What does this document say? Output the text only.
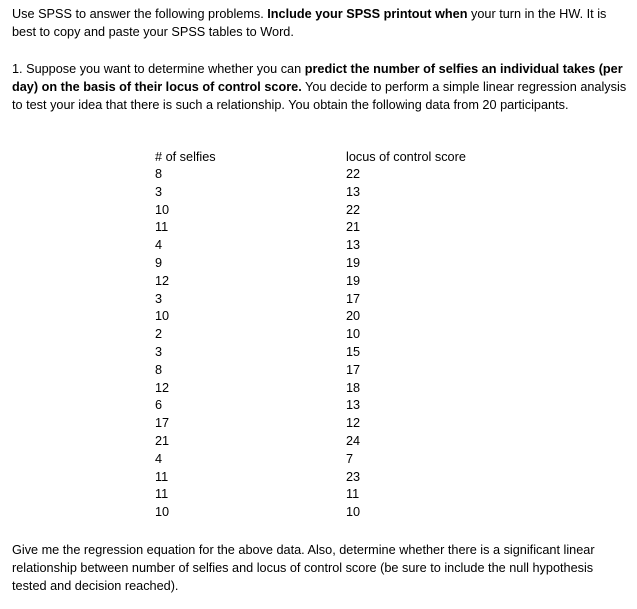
Use SPSS to answer the following problems. Include your SPSS printout when your turn in the HW. It is best to copy and paste your SPSS tables to Word.

1. Suppose you want to determine whether you can predict the number of selfies an individual takes (per day) on the basis of their locus of control score. You decide to perform a simple linear regression analysis to test your idea that there is such a relationship. You obtain the following data from 20 participants.

# of selfies
8
3
10
11
4
9
12
3
10
2
3
8
12
6
17
21
4
11
11
10
locus of control score
22
13
22
21
13
19
19
17
20
10
15
17
18
13
12
24
7
23
11
10

Give me the regression equation for the above data. Also, determine whether there is a significant linear relationship between number of selfies and locus of control score (be sure to include the null hypothesis tested and decision reached).
